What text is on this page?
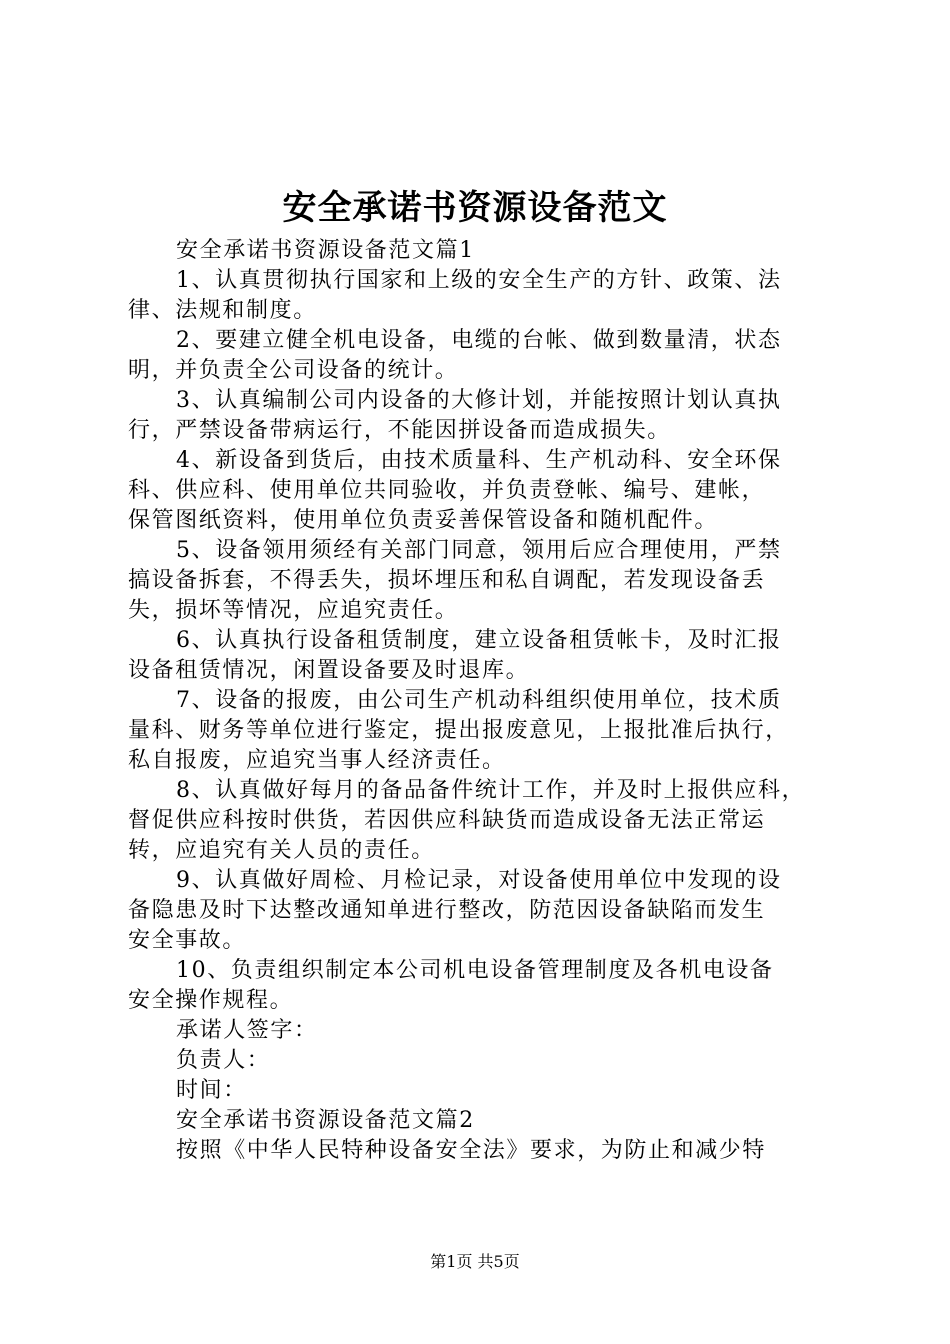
安全承诺书资源设备范文
安全承诺书资源设备范文篇1
1、认真贯彻执行国家和上级的安全生产的方针、政策、法
律、法规和制度。
2、要建立健全机电设备，电缆的台帐、做到数量清，状态
明，并负责全公司设备的统计。
3、认真编制公司内设备的大修计划，并能按照计划认真执
行，严禁设备带病运行，不能因拼设备而造成损失。
4、新设备到货后，由技术质量科、生产机动科、安全环保
科、供应科、使用单位共同验收，并负责登帐、编号、建帐，
保管图纸资料，使用单位负责妥善保管设备和随机配件。
5、设备领用须经有关部门同意，领用后应合理使用，严禁
搞设备拆套，不得丢失，损坏埋压和私自调配，若发现设备丢
失，损坏等情况，应追究责任。
6、认真执行设备租赁制度，建立设备租赁帐卡，及时汇报
设备租赁情况，闲置设备要及时退库。
7、设备的报废，由公司生产机动科组织使用单位，技术质
量科、财务等单位进行鉴定，提出报废意见，上报批准后执行，
私自报废，应追究当事人经济责任。
8、认真做好每月的备品备件统计工作，并及时上报供应科，
督促供应科按时供货，若因供应科缺货而造成设备无法正常运
转，应追究有关人员的责任。
9、认真做好周检、月检记录，对设备使用单位中发现的设
备隐患及时下达整改通知单进行整改，防范因设备缺陷而发生
安全事故。
10、负责组织制定本公司机电设备管理制度及各机电设备
安全操作规程。
承诺人签字：
负责人：
时间：
安全承诺书资源设备范文篇2
按照《中华人民特种设备安全法》要求，为防止和减少特
第1页 共5页
